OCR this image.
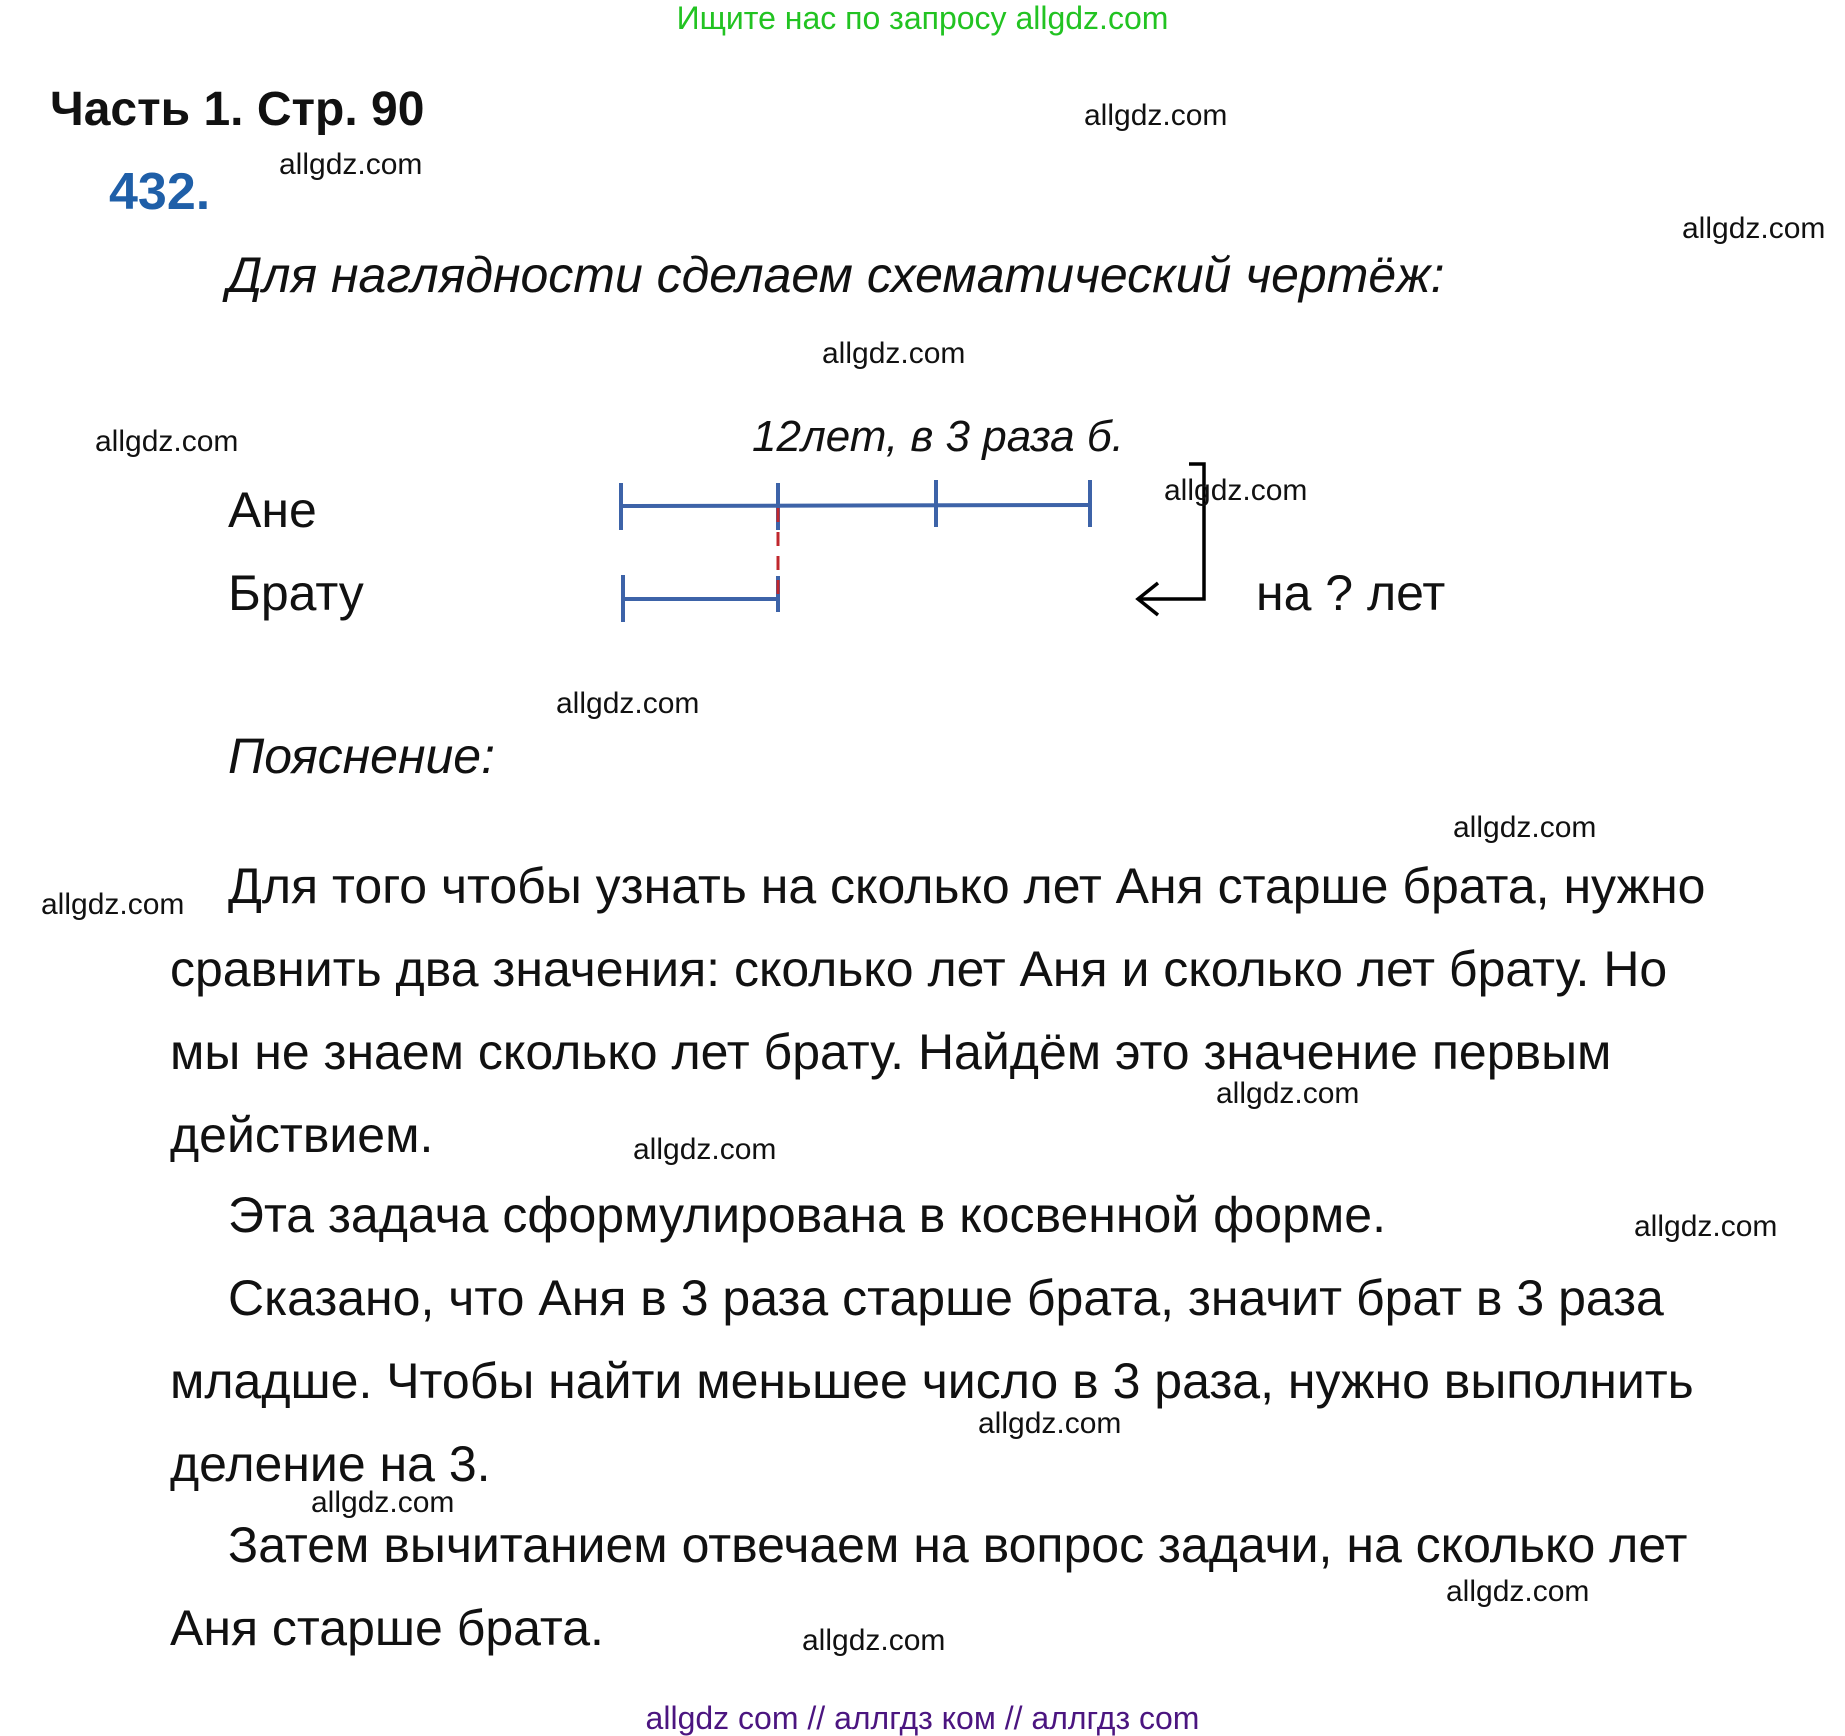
Ищите нас по запросу allgdz.com
Часть 1. Стр. 90
432.
Для наглядности сделаем схематический чертёж:
12лет, в 3 раза б.
Ане
Брату	на ? лет
Пояснение:
Для того чтобы узнать на сколько лет Аня старше брата, нужно
сравнить два значения: сколько лет Аня и сколько лет брату. Но
мы не знаем сколько лет брату. Найдём это значение первым
действием.
Эта задача сформулирована в косвенной форме.
Сказано, что Аня в 3 раза старше брата, значит брат в 3 раза
младше. Чтобы найти меньшее число в 3 раза, нужно выполнить
деление на 3.
Затем вычитанием отвечаем на вопрос задачи, на сколько лет
Аня старше брата.
allgdz.com
allgdz.com
allgdz.com
allgdz.com
allgdz.com
allgdz.com
allgdz.com
allgdz.com
allgdz.com
allgdz.com
allgdz.com
allgdz.com
allgdz.com
allgdz.com
allgdz.com
allgdz.com
allgdz com // аллгдз ком // аллгдз com
